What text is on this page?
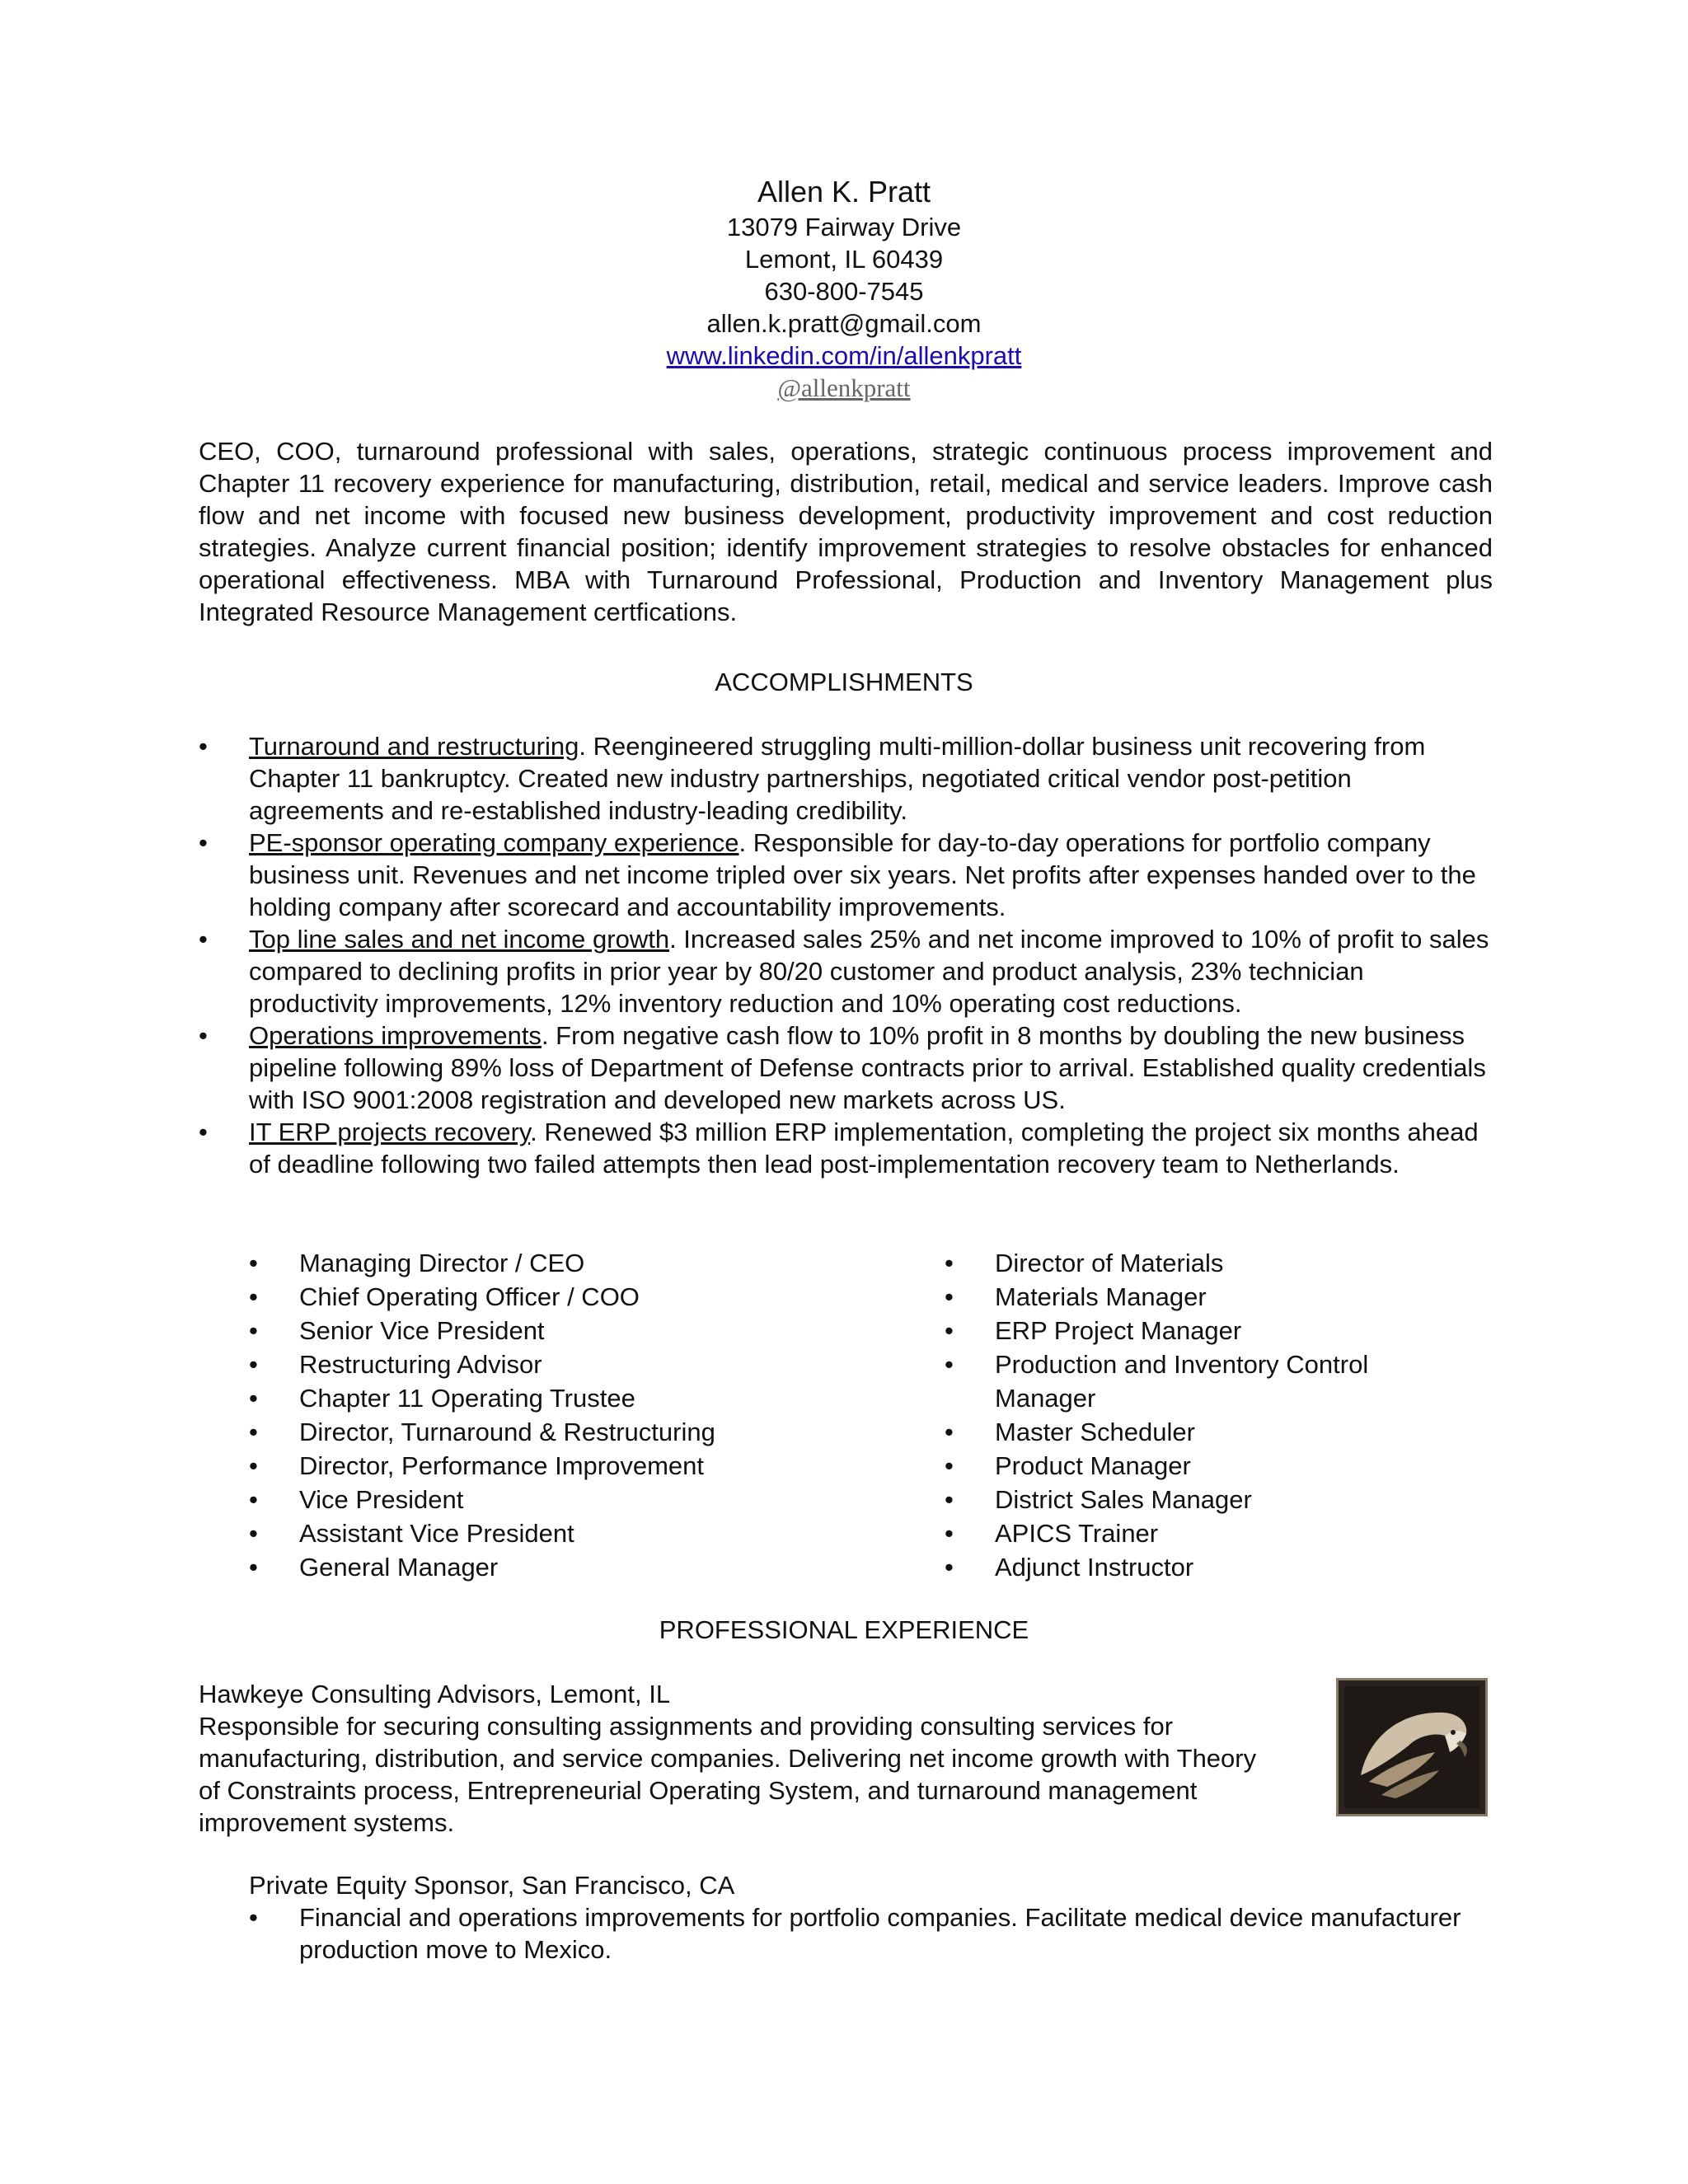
Allen K. Pratt
13079 Fairway Drive
Lemont, IL 60439
630-800-7545
allen.k.pratt@gmail.com
www.linkedin.com/in/allenkpratt
@allenkpratt
CEO, COO, turnaround professional with sales, operations, strategic continuous process improvement and Chapter 11 recovery experience for manufacturing, distribution, retail, medical and service leaders. Improve cash flow and net income with focused new business development, productivity improvement and cost reduction strategies. Analyze current financial position; identify improvement strategies to resolve obstacles for enhanced operational effectiveness. MBA with Turnaround Professional, Production and Inventory Management plus Integrated Resource Management certfications.
ACCOMPLISHMENTS
• Turnaround and restructuring. Reengineered struggling multi-million-dollar business unit recovering from Chapter 11 bankruptcy. Created new industry partnerships, negotiated critical vendor post-petition agreements and re-established industry-leading credibility.
• PE-sponsor operating company experience. Responsible for day-to-day operations for portfolio company business unit. Revenues and net income tripled over six years. Net profits after expenses handed over to the holding company after scorecard and accountability improvements.
• Top line sales and net income growth. Increased sales 25% and net income improved to 10% of profit to sales compared to declining profits in prior year by 80/20 customer and product analysis, 23% technician productivity improvements, 12% inventory reduction and 10% operating cost reductions.
• Operations improvements. From negative cash flow to 10% profit in 8 months by doubling the new business pipeline following 89% loss of Department of Defense contracts prior to arrival. Established quality credentials with ISO 9001:2008 registration and developed new markets across US.
• IT ERP projects recovery. Renewed $3 million ERP implementation, completing the project six months ahead of deadline following two failed attempts then lead post-implementation recovery team to Netherlands.
• Managing Director / CEO
• Chief Operating Officer / COO
• Senior Vice President
• Restructuring Advisor
• Chapter 11 Operating Trustee
• Director, Turnaround & Restructuring
• Director, Performance Improvement
• Vice President
• Assistant Vice President
• General Manager
• Director of Materials
• Materials Manager
• ERP Project Manager
• Production and Inventory Control Manager
• Master Scheduler
• Product Manager
• District Sales Manager
• APICS Trainer
• Adjunct Instructor
PROFESSIONAL EXPERIENCE
Hawkeye Consulting Advisors, Lemont, IL
Responsible for securing consulting assignments and providing consulting services for manufacturing, distribution, and service companies. Delivering net income growth with Theory of Constraints process, Entrepreneurial Operating System, and turnaround management improvement systems.
Private Equity Sponsor, San Francisco, CA
• Financial and operations improvements for portfolio companies. Facilitate medical device manufacturer production move to Mexico.
